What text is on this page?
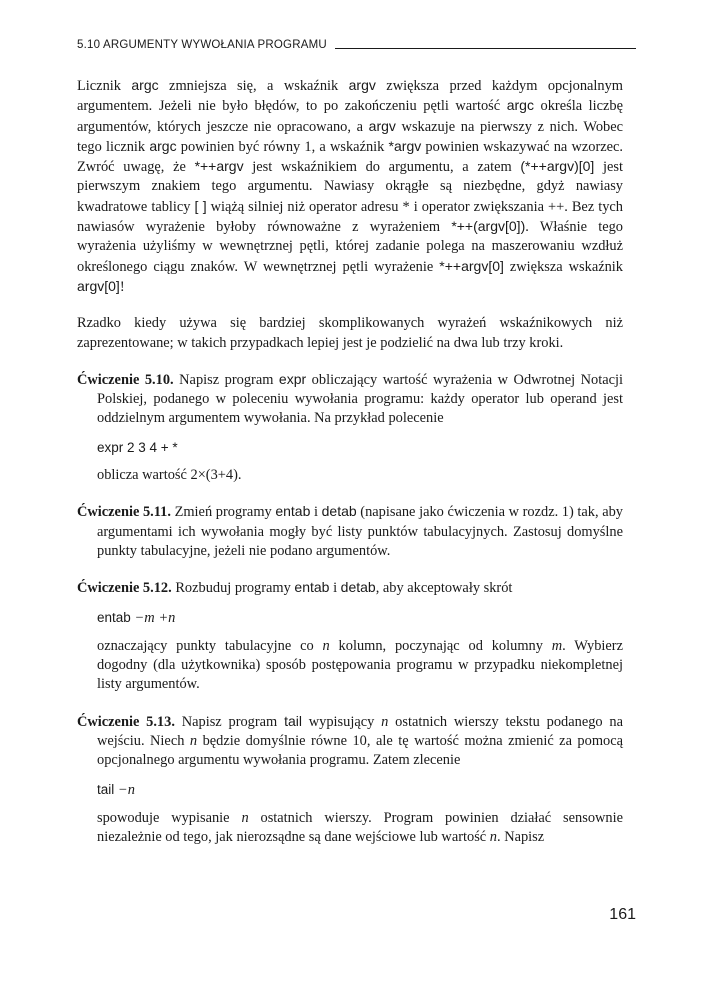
5.10 ARGUMENTY WYWOŁANIA PROGRAMU

Licznik argc zmniejsza się, a wskaźnik argv zwiększa przed każdym opcjonalnym argumentem. Jeżeli nie było błędów, to po zakończeniu pętli wartość argc określa liczbę argumentów, których jeszcze nie opracowano, a argv wskazuje na pierwszy z nich. Wobec tego licznik argc powinien być równy 1, a wskaźnik *argv powinien wskazywać na wzorzec. Zwróć uwagę, że *++argv jest wskaźnikiem do argumentu, a zatem (*++argv)[0] jest pierwszym znakiem tego argumentu. Nawiasy okrągłe są niezbędne, gdyż nawiasy kwadratowe tablicy [ ] wiążą silniej niż operator adresu * i operator zwiększania ++. Bez tych nawiasów wyrażenie byłoby równoważne z wyrażeniem *++(argv[0]). Właśnie tego wyrażenia użyliśmy w wewnętrznej pętli, której zadanie polega na maszerowaniu wzdłuż określonego ciągu znaków. W wewnętrznej pętli wyrażenie *++argv[0] zwiększa wskaźnik argv[0]!

Rzadko kiedy używa się bardziej skomplikowanych wyrażeń wskaźnikowych niż zaprezentowane; w takich przypadkach lepiej jest je podzielić na dwa lub trzy kroki.

Ćwiczenie 5.10. Napisz program expr obliczający wartość wyrażenia w Odwrotnej Notacji Polskiej, podanego w poleceniu wywołania programu: każdy operator lub operand jest oddzielnym argumentem wywołania. Na przykład polecenie

expr 2 3 4 + *

oblicza wartość 2×(3+4).

Ćwiczenie 5.11. Zmień programy entab i detab (napisane jako ćwiczenia w rozdz. 1) tak, aby argumentami ich wywołania mogły być listy punktów tabulacyjnych. Zastosuj domyślne punkty tabulacyjne, jeżeli nie podano argumentów.

Ćwiczenie 5.12. Rozbuduj programy entab i detab, aby akceptowały skrót

entab −m +n

oznaczający punkty tabulacyjne co n kolumn, poczynając od kolumny m. Wybierz dogodny (dla użytkownika) sposób postępowania programu w przypadku niekompletnej listy argumentów.

Ćwiczenie 5.13. Napisz program tail wypisujący n ostatnich wierszy tekstu podanego na wejściu. Niech n będzie domyślnie równe 10, ale tę wartość można zmienić za pomocą opcjonalnego argumentu wywołania programu. Zatem zlecenie

tail −n

spowoduje wypisanie n ostatnich wierszy. Program powinien działać sensownie niezależnie od tego, jak nierozsądne są dane wejściowe lub wartość n. Napisz

161
